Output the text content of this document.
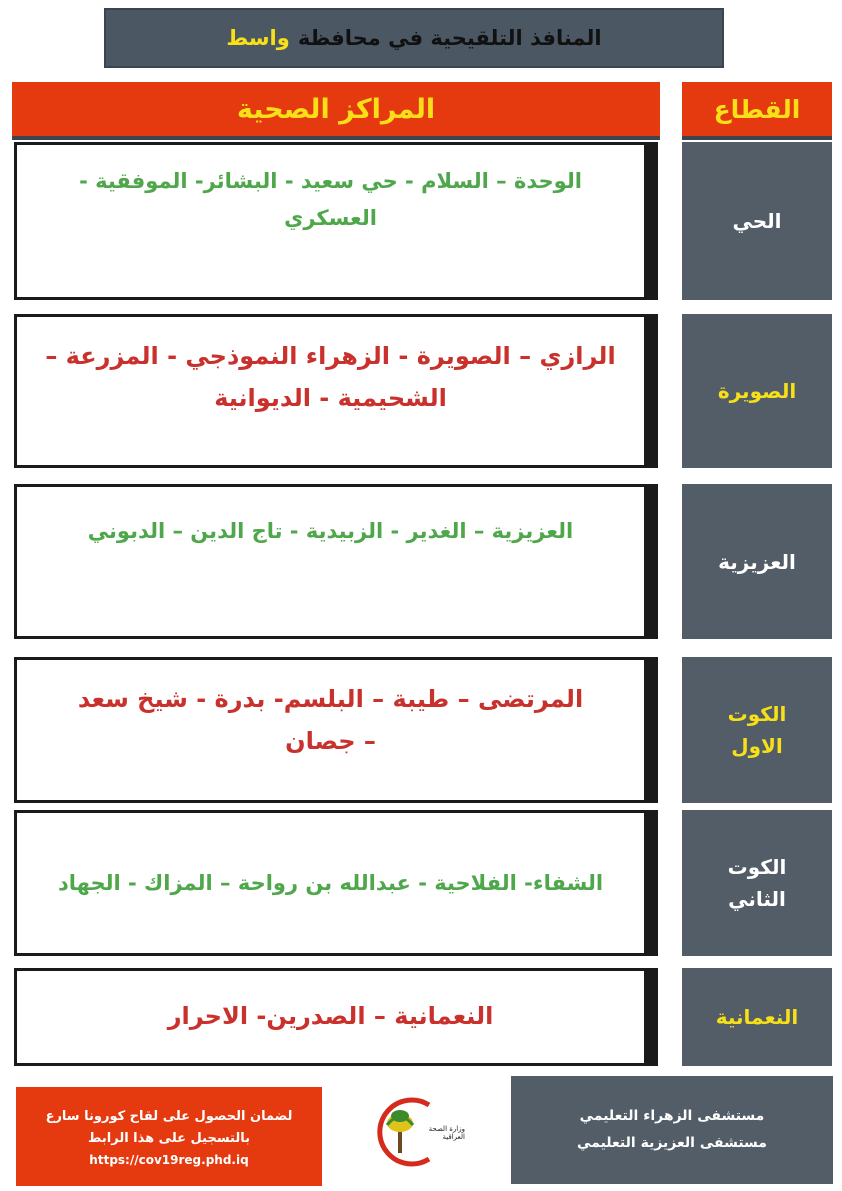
المنافذ التلقيحية في محافظة
واسط
المراكز الصحية	القطاع
الحي
الوحدة – السلام - حي سعيد - البشائر- الموفقية - العسكري
الصويرة
الرازي – الصويرة - الزهراء النموذجي - المزرعة – الشحيمية - الديوانية
العزيزية
العزيزية – الغدير - الزبيدية - تاج الدين – الدبوني
الكوت الاول
المرتضى – طيبة – البلسم- بدرة - شيخ سعد – جصان
الكوت الثاني
الشفاء- الفلاحية - عبدالله بن رواحة – المزاك - الجهاد
النعمانية
النعمانية – الصدرين- الاحرار
لضمان الحصول على لقاح كورونا سارع
بالتسجيل على هذا الرابط
https://cov19reg.phd.iq
وزارة الصحة العراقية
مستشفى الزهراء التعليمي
مستشفى العزيزية التعليمي
